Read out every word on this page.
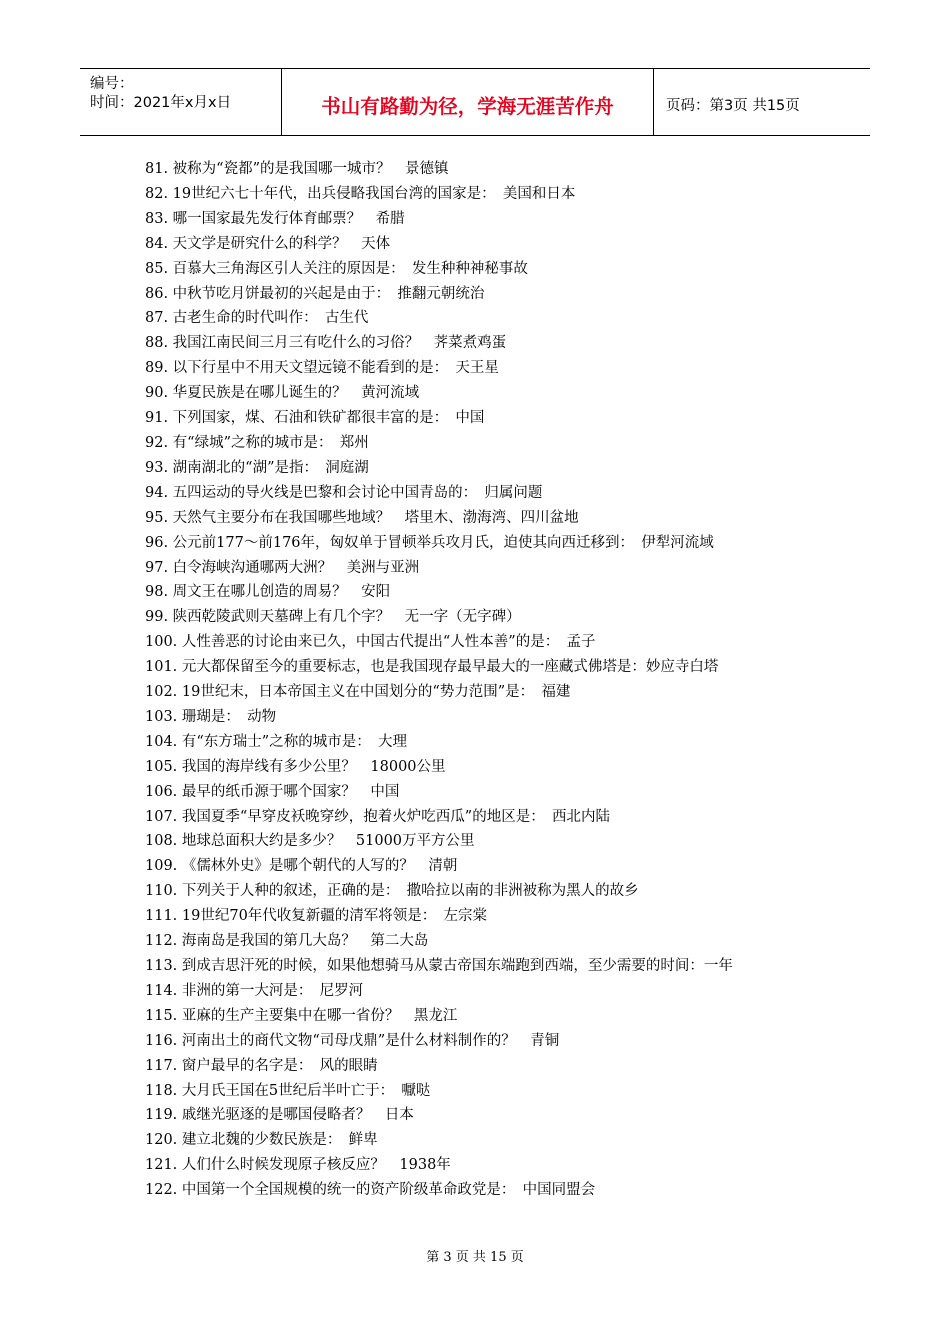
编号：
时间：2021年x月x日	书山有路勤为径，学海无涯苦作舟	页码：第3页 共15页
81. 被称为“瓷都”的是我国哪一城市？　景德镇
82. 19世纪六七十年代，出兵侵略我国台湾的国家是：　美国和日本
83. 哪一国家最先发行体育邮票？　希腊
84. 天文学是研究什么的科学？　天体
85. 百慕大三角海区引人关注的原因是：　发生种种神秘事故
86. 中秋节吃月饼最初的兴起是由于：　推翻元朝统治
87. 古老生命的时代叫作：　古生代
88. 我国江南民间三月三有吃什么的习俗？　荠菜煮鸡蛋
89. 以下行星中不用天文望远镜不能看到的是：　天王星
90. 华夏民族是在哪儿诞生的？　黄河流域
91. 下列国家，煤、石油和铁矿都很丰富的是：　中国
92. 有“绿城”之称的城市是：　郑州
93. 湖南湖北的“湖”是指：　洞庭湖
94. 五四运动的导火线是巴黎和会讨论中国青岛的：　归属问题
95. 天然气主要分布在我国哪些地域？　塔里木、渤海湾、四川盆地
96. 公元前177～前176年，匈奴单于冒顿举兵攻月氏，迫使其向西迁移到：　伊犁河流域
97. 白令海峡沟通哪两大洲？　美洲与亚洲
98. 周文王在哪儿创造的周易？　安阳
99. 陕西乾陵武则天墓碑上有几个字？　无一字（无字碑）
100. 人性善恶的讨论由来已久，中国古代提出“人性本善”的是：　孟子
101. 元大都保留至今的重要标志，也是我国现存最早最大的一座藏式佛塔是：妙应寺白塔
102. 19世纪末，日本帝国主义在中国划分的“势力范围”是：　福建
103. 珊瑚是：　动物
104. 有“东方瑞士”之称的城市是：　大理
105. 我国的海岸线有多少公里？　18000公里
106. 最早的纸币源于哪个国家？　中国
107. 我国夏季“早穿皮袄晚穿纱，抱着火炉吃西瓜”的地区是：　西北内陆
108. 地球总面积大约是多少？　51000万平方公里
109. 《儒林外史》是哪个朝代的人写的？　清朝
110. 下列关于人种的叙述，正确的是：　撒哈拉以南的非洲被称为黑人的故乡
111. 19世纪70年代收复新疆的清军将领是：　左宗棠
112. 海南岛是我国的第几大岛？　第二大岛
113. 到成吉思汗死的时候，如果他想骑马从蒙古帝国东端跑到西端，至少需要的时间：一年
114. 非洲的第一大河是：　尼罗河
115. 亚麻的生产主要集中在哪一省份？　黑龙江
116. 河南出土的商代文物“司母戊鼎”是什么材料制作的？　青铜
117. 窗户最早的名字是：　风的眼睛
118. 大月氏王国在5世纪后半叶亡于：　嚈哒
119. 戚继光驱逐的是哪国侵略者？　日本
120. 建立北魏的少数民族是：　鲜卑
121. 人们什么时候发现原子核反应？　1938年
122. 中国第一个全国规模的统一的资产阶级革命政党是：　中国同盟会
第 3 页 共 15 页
